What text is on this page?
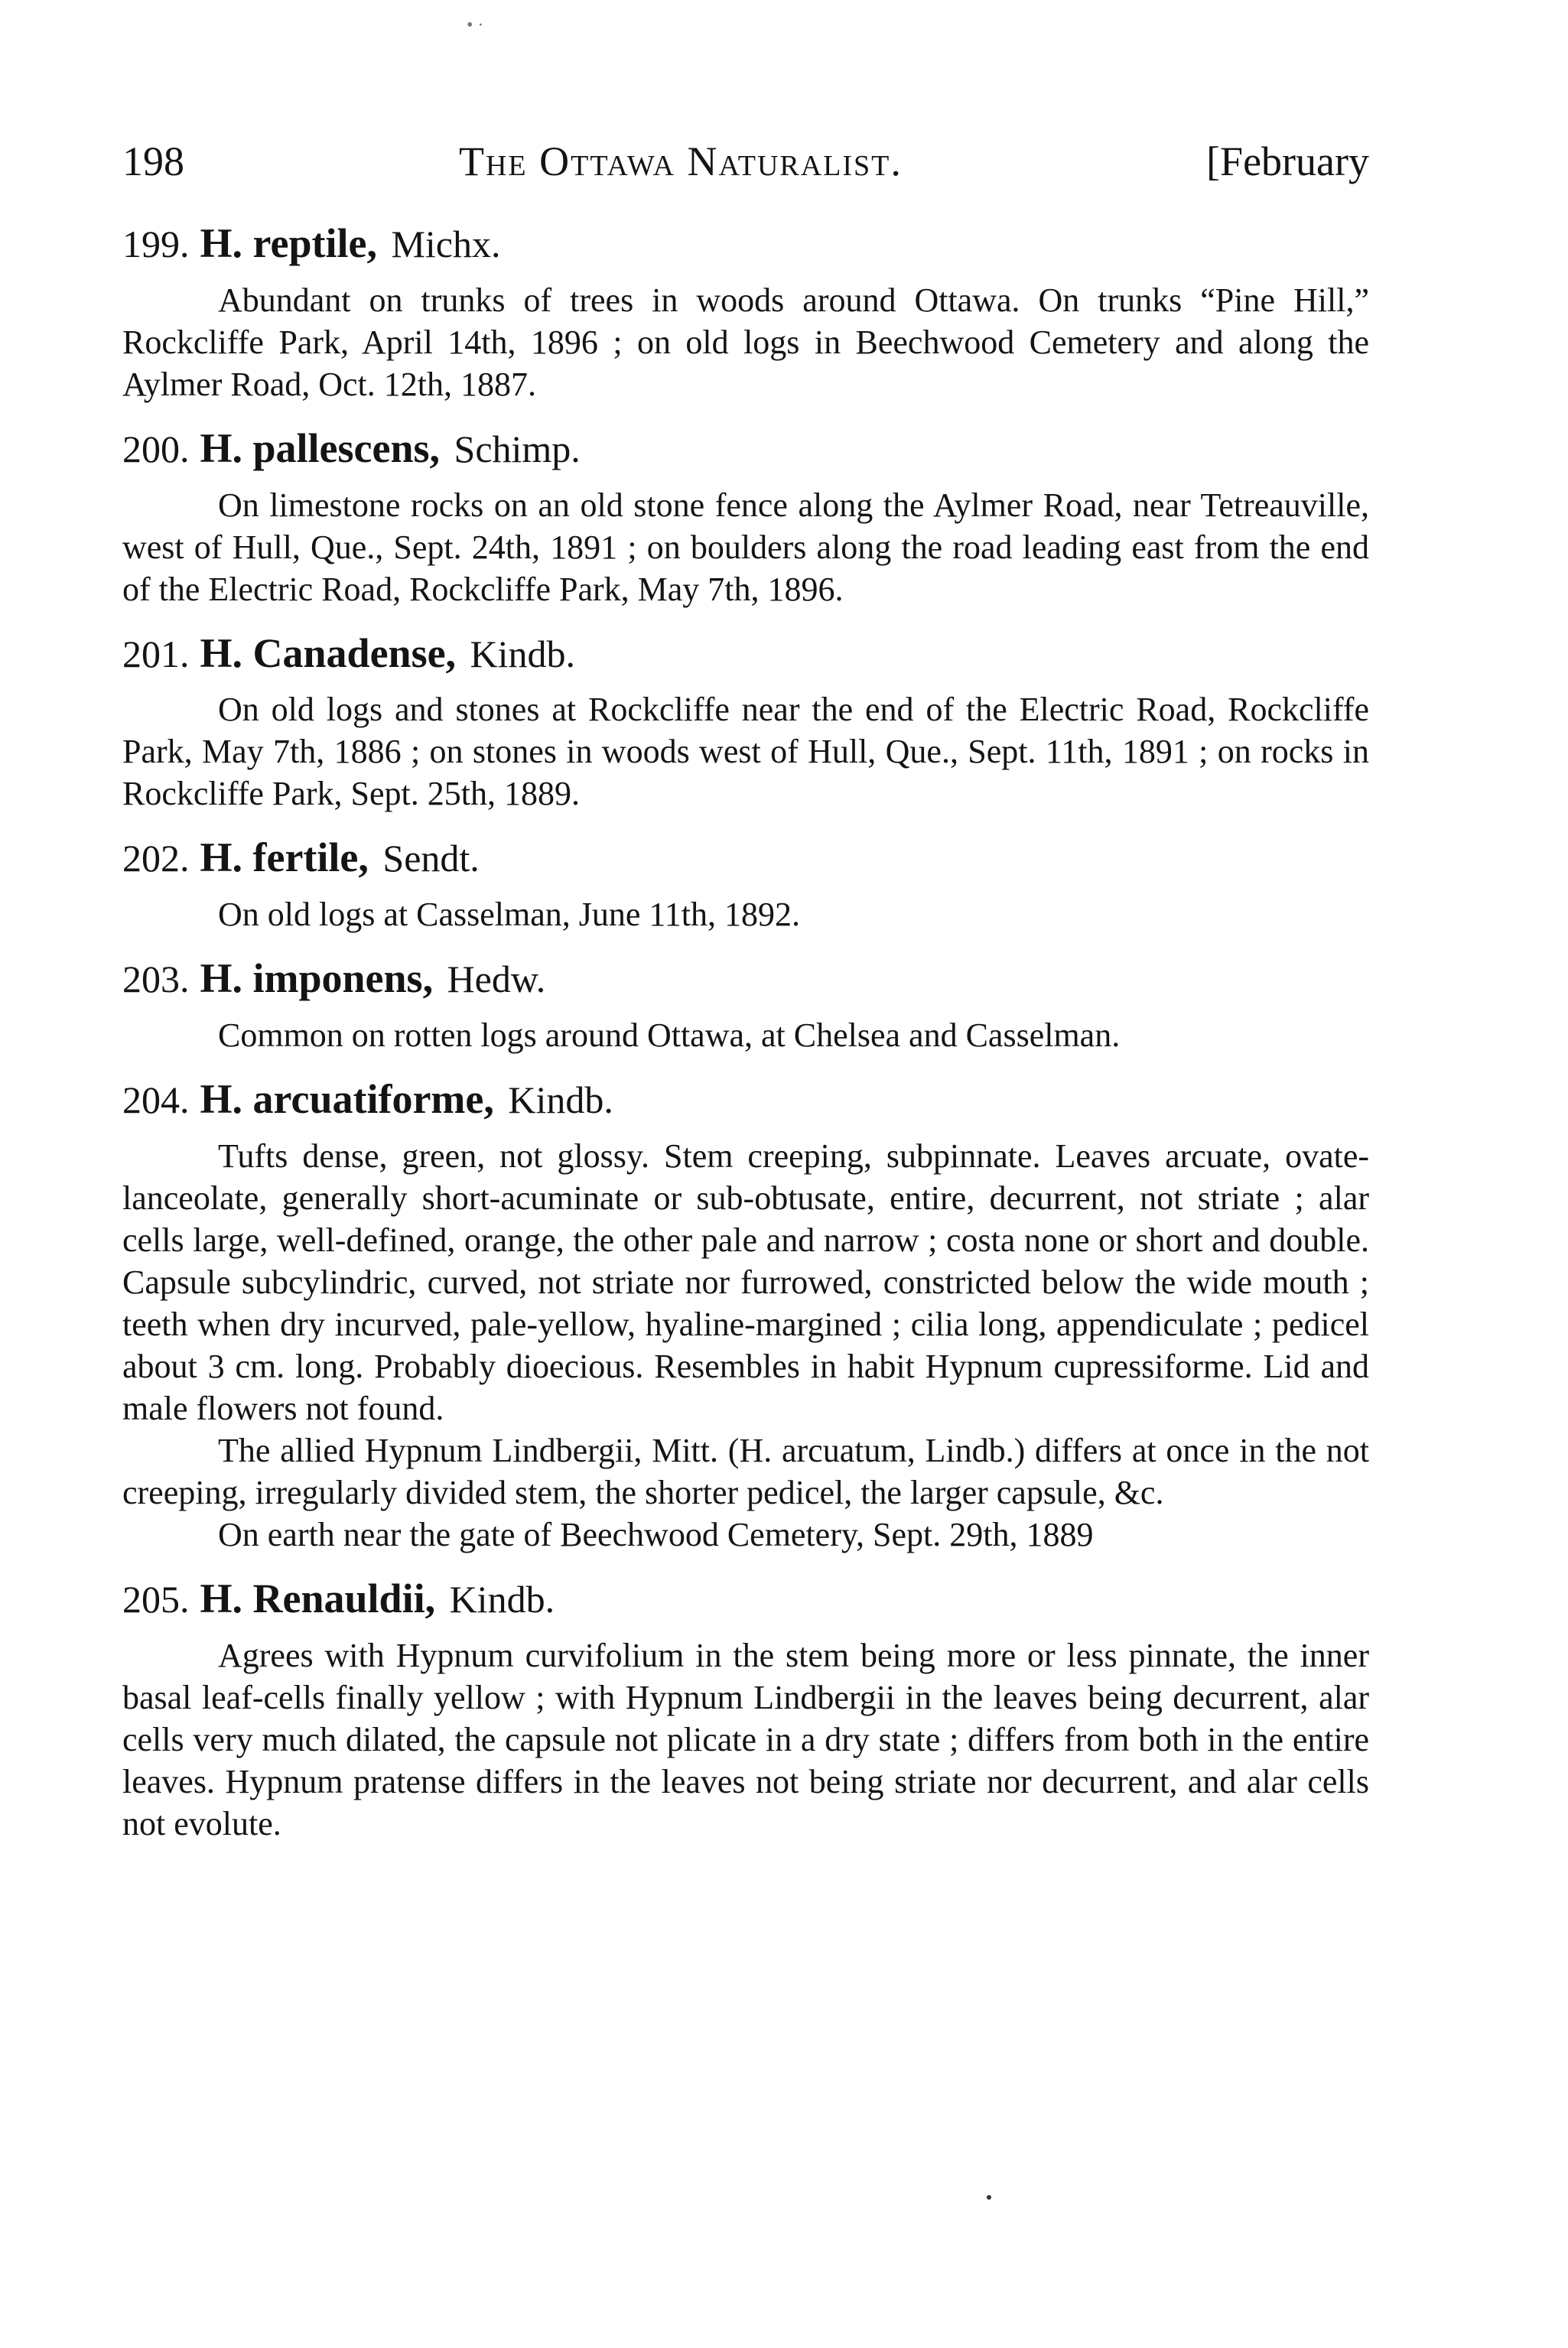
• ·
198	The Ottawa Naturalist.	[February
199. H. reptile, Michx.

Abundant on trunks of trees in woods around Ottawa. On trunks “Pine Hill,” Rockcliffe Park, April 14th, 1896 ; on old logs in Beechwood Cemetery and along the Aylmer Road, Oct. 12th, 1887.

200. H. pallescens, Schimp.

On limestone rocks on an old stone fence along the Aylmer Road, near Tetreauville, west of Hull, Que., Sept. 24th, 1891 ; on boulders along the road leading east from the end of the Electric Road, Rockcliffe Park, May 7th, 1896.

201. H. Canadense, Kindb.

On old logs and stones at Rockcliffe near the end of the Electric Road, Rockcliffe Park, May 7th, 1886 ; on stones in woods west of Hull, Que., Sept. 11th, 1891 ; on rocks in Rockcliffe Park, Sept. 25th, 1889.

202. H. fertile, Sendt.

On old logs at Casselman, June 11th, 1892.

203. H. imponens, Hedw.

Common on rotten logs around Ottawa, at Chelsea and Casselman.

204. H. arcuatiforme, Kindb.

Tufts dense, green, not glossy. Stem creeping, subpinnate. Leaves arcuate, ovate-lanceolate, generally short-acuminate or sub-obtusate, entire, decurrent, not striate ; alar cells large, well-defined, orange, the other pale and narrow ; costa none or short and double. Capsule subcylindric, curved, not striate nor furrowed, constricted below the wide mouth ; teeth when dry incurved, pale-yellow, hyaline-margined ; cilia long, appendiculate ; pedicel about 3 cm. long. Probably dioecious. Resembles in habit Hypnum cupressiforme. Lid and male flowers not found.

The allied Hypnum Lindbergii, Mitt. (H. arcuatum, Lindb.) differs at once in the not creeping, irregularly divided stem, the shorter pedicel, the larger capsule, &c.

On earth near the gate of Beechwood Cemetery, Sept. 29th, 1889

205. H. Renauldii, Kindb.

Agrees with Hypnum curvifolium in the stem being more or less pinnate, the inner basal leaf-cells finally yellow ; with Hypnum Lindbergii in the leaves being decurrent, alar cells very much dilated, the capsule not plicate in a dry state ; differs from both in the entire leaves. Hypnum pratense differs in the leaves not being striate nor decurrent, and alar cells not evolute.
